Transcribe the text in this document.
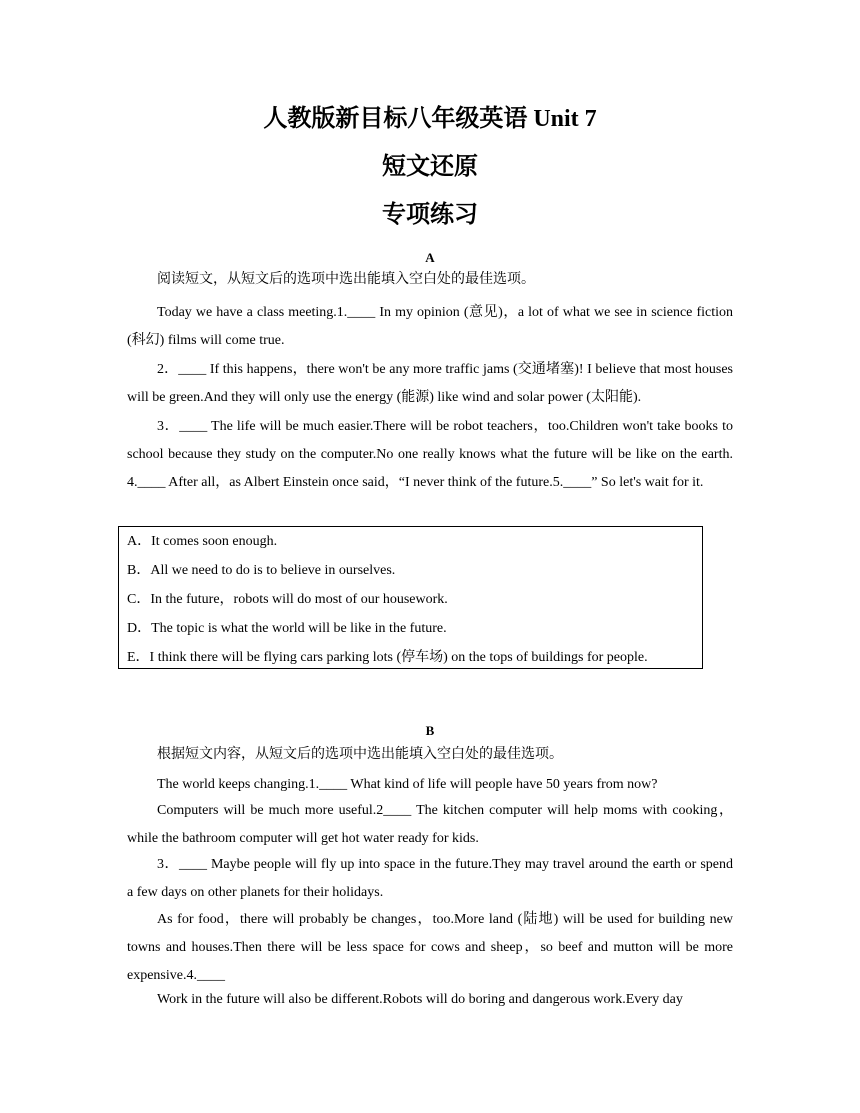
人教版新目标八年级英语 Unit 7
短文还原
专项练习
A

阅读短文，从短文后的选项中选出能填入空白处的最佳选项。

Today we have a class meeting.1.____ In my opinion (意见)，a lot of what we see in science fiction (科幻) films will come true.

2．____ If this happens，there won't be any more traffic jams (交通堵塞)! I believe that most houses will be green.And they will only use the energy (能源) like wind and solar power (太阳能).

3．____ The life will be much easier.There will be robot teachers，too.Children won't take books to school because they study on the computer.No one really knows what the future will be like on the earth. 4.____ After all，as Albert Einstein once said，“I never think of the future.5.____” So let's wait for it.

A．It comes soon enough.
B．All we need to do is to believe in ourselves.
C．In the future，robots will do most of our housework.
D．The topic is what the world will be like in the future.
E．I think there will be flying cars parking lots (停车场) on the tops of buildings for people.
B

根据短文内容，从短文后的选项中选出能填入空白处的最佳选项。

The world keeps changing.1.____ What kind of life will people have 50 years from now?

Computers will be much more useful.2____ The kitchen computer will help moms with cooking，while the bathroom computer will get hot water ready for kids.

3．____ Maybe people will fly up into space in the future.They may travel around the earth or spend a few days on other planets for their holidays.

As for food，there will probably be changes，too.More land (陆地) will be used for building new towns and houses.Then there will be less space for cows and sheep，so beef and mutton will be more expensive.4.____

Work in the future will also be different.Robots will do boring and dangerous work.Every day
